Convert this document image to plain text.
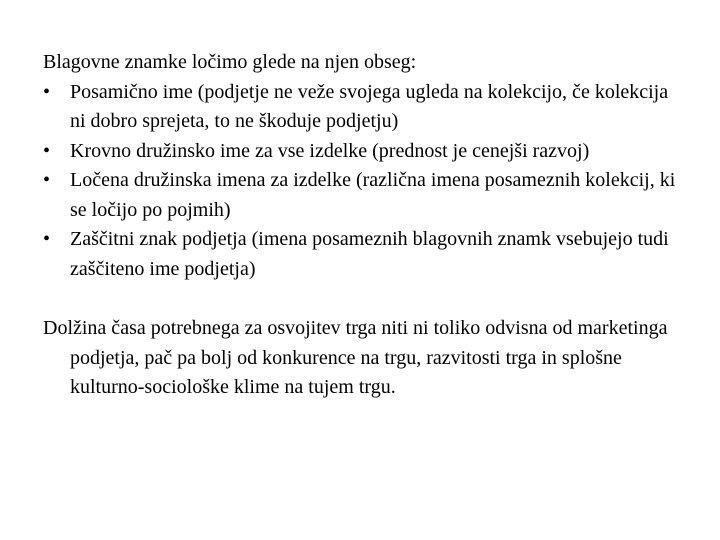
Blagovne znamke ločimo glede na njen obseg:

• Posamično ime (podjetje ne veže svojega ugleda na kolekcijo, če kolekcija ni dobro sprejeta, to ne škoduje podjetju)
• Krovno družinsko ime za vse izdelke (prednost je cenejši razvoj)
• Ločena družinska imena za izdelke (različna imena posameznih kolekcij, ki se ločijo po pojmih)
• Zaščitni znak podjetja (imena posameznih blagovnih znamk vsebujejo tudi zaščiteno ime podjetja)

Dolžina časa potrebnega za osvojitev trga niti ni toliko odvisna od marketinga podjetja, pač pa bolj od konkurence na trgu, razvitosti trga in splošne kulturno-sociološke klime na tujem trgu.
